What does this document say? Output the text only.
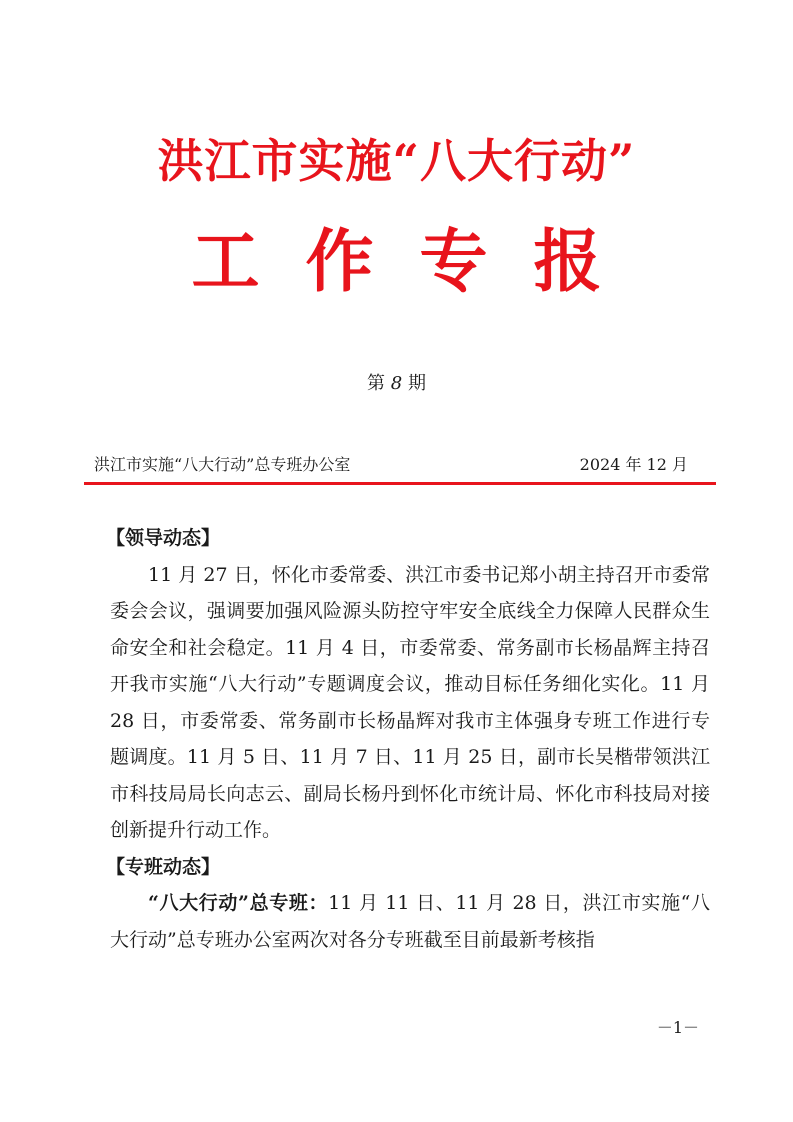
洪江市实施“八大行动”
工作专报
第 8 期
洪江市实施“八大行动”总专班办公室	2024 年 12 月
【领导动态】

11 月 27 日，怀化市委常委、洪江市委书记郑小胡主持召开市委常委会会议，强调要加强风险源头防控守牢安全底线全力保障人民群众生命安全和社会稳定。11 月 4 日，市委常委、常务副市长杨晶辉主持召开我市实施“八大行动”专题调度会议，推动目标任务细化实化。11 月 28 日，市委常委、常务副市长杨晶辉对我市主体强身专班工作进行专题调度。11 月 5 日、11 月 7 日、11 月 25 日，副市长吴楷带领洪江市科技局局长向志云、副局长杨丹到怀化市统计局、怀化市科技局对接创新提升行动工作。

【专班动态】

“八大行动”总专班：11 月 11 日、11 月 28 日，洪江市实施“八大行动”总专班办公室两次对各分专班截至目前最新考核指

－1－
